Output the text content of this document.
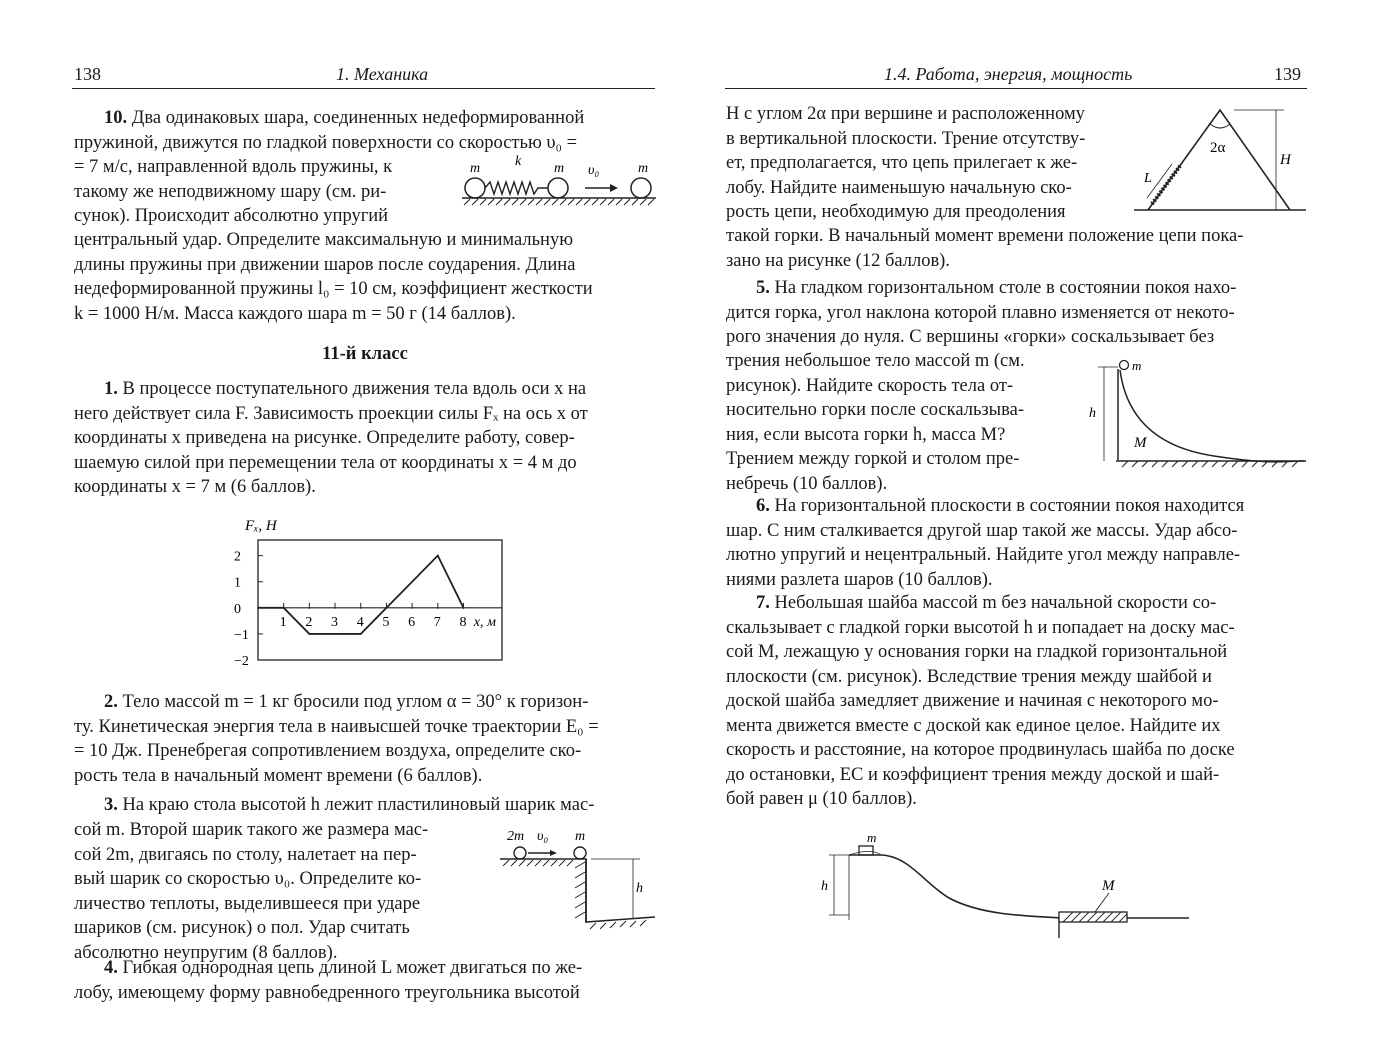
138	1. Механика

10. Два одинаковых шара, соединенных недеформированной

пружиной, движутся по гладкой поверхности со скоростью υ₀ =

= 7 м/с, направленной вдоль пружины, к

такому же неподвижному шару (см. ри-

сунок). Происходит абсолютно упругий

m k m υ₀	m

центральный удар. Определите максимальную и минимальную

длины пружины при движении шаров после соударения. Длина

недеформированной пружины l₀ = 10 см, коэффициент жесткости

k = 1000 Н/м. Масса каждого шара m = 50 г (14 баллов).

11-й класс

1. В процессе поступательного движения тела вдоль оси x на

него действует сила F. Зависимость проекции силы Fₓ на ось x от

координаты x приведена на рисунке. Определите работу, совер-

шаемую силой при перемещении тела от координаты x = 4 м до

координаты x = 7 м (6 баллов).

Fₓ, Н
1 2 3 4 5 6 7 8 x, м
2
1
0
−1
−2

2. Тело массой m = 1 кг бросили под углом α = 30° к горизон-

ту. Кинетическая энергия тела в наивысшей точке траектории E₀ =

= 10 Дж. Пренебрегая сопротивлением воздуха, определите ско-

рость тела в начальный момент времени (6 баллов).

3. На краю стола высотой h лежит пластилиновый шарик мас-

сой m. Второй шарик такого же размера мас-

сой 2m, двигаясь по столу, налетает на пер-

вый шарик со скоростью υ₀. Определите ко-

личество теплоты, выделившееся при ударе

шариков (см. рисунок) о пол. Удар считать

абсолютно неупругим (8 баллов).

2m υ₀ m
h

4. Гибкая однородная цепь длиной L может двигаться по же-

лобу, имеющему форму равнобедренного треугольника высотой

1.4. Работа, энергия, мощность	139

H с углом 2α при вершине и расположенному

в вертикальной плоскости. Трение отсутству-

ет, предполагается, что цепь прилегает к же-

лобу. Найдите наименьшую начальную ско-

рость цепи, необходимую для преодоления

2α
H
L

такой горки. В начальный момент времени положение цепи пока-

зано на рисунке (12 баллов).

5. На гладком горизонтальном столе в состоянии покоя нахо-

дится горка, угол наклона которой плавно изменяется от некото-

рого значения до нуля. С вершины «горки» соскальзывает без

трения небольшое тело массой m (см.

рисунок). Найдите скорость тела от-

носительно горки после соскальзыва-

ния, если высота горки h, масса M?

Трением между горкой и столом пре-

небречь (10 баллов).

m
h
M

6. На горизонтальной плоскости в состоянии покоя находится

шар. С ним сталкивается другой шар такой же массы. Удар абсо-

лютно упругий и нецентральный. Найдите угол между направле-

ниями разлета шаров (10 баллов).

7. Небольшая шайба массой m без начальной скорости со-

скальзывает с гладкой горки высотой h и попадает на доску мас-

сой M, лежащую у основания горки на гладкой горизонтальной

плоскости (см. рисунок). Вследствие трения между шайбой и

доской шайба замедляет движение и начиная с некоторого мо-

мента движется вместе с доской как единое целое. Найдите их

скорость и расстояние, на которое продвинулась шайба по доске

до остановки, ЕС и коэффициент трения между доской и шай-

бой равен μ (10 баллов).

m
h	M
